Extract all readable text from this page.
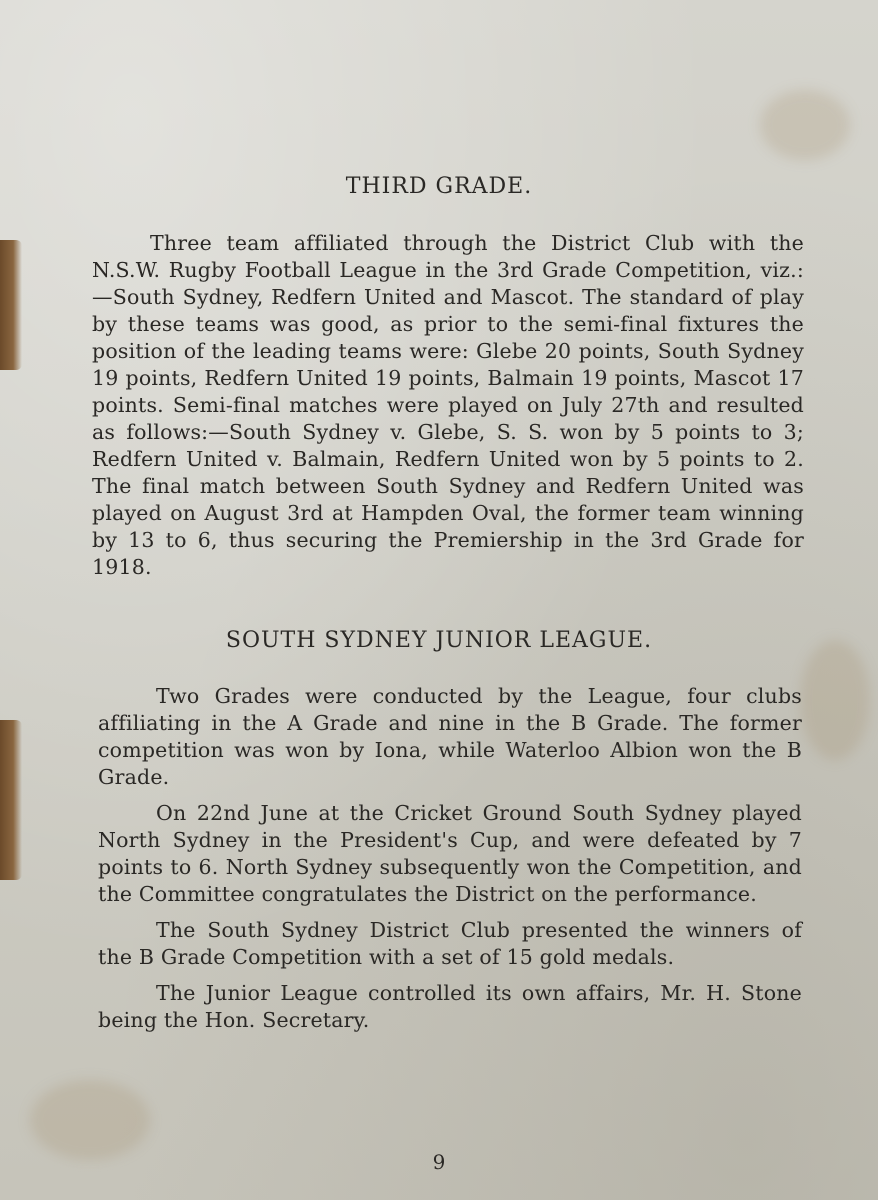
THIRD GRADE.

Three team affiliated through the District Club with the N.S.W. Rugby Football League in the 3rd Grade Competition, viz.:—South Sydney, Redfern United and Mascot. The standard of play by these teams was good, as prior to the semi-final fixtures the position of the leading teams were: Glebe 20 points, South Sydney 19 points, Redfern United 19 points, Balmain 19 points, Mascot 17 points. Semi-final matches were played on July 27th and resulted as follows:—South Sydney v. Glebe, S. S. won by 5 points to 3; Redfern United v. Balmain, Redfern United won by 5 points to 2. The final match between South Sydney and Redfern United was played on August 3rd at Hampden Oval, the former team winning by 13 to 6, thus securing the Premiership in the 3rd Grade for 1918.

SOUTH SYDNEY JUNIOR LEAGUE.

Two Grades were conducted by the League, four clubs affiliating in the A Grade and nine in the B Grade. The former competition was won by Iona, while Waterloo Albion won the B Grade.

On 22nd June at the Cricket Ground South Sydney played North Sydney in the President's Cup, and were defeated by 7 points to 6. North Sydney subsequently won the Competition, and the Committee congratulates the District on the performance.

The South Sydney District Club presented the winners of the B Grade Competition with a set of 15 gold medals.

The Junior League controlled its own affairs, Mr. H. Stone being the Hon. Secretary.

9
